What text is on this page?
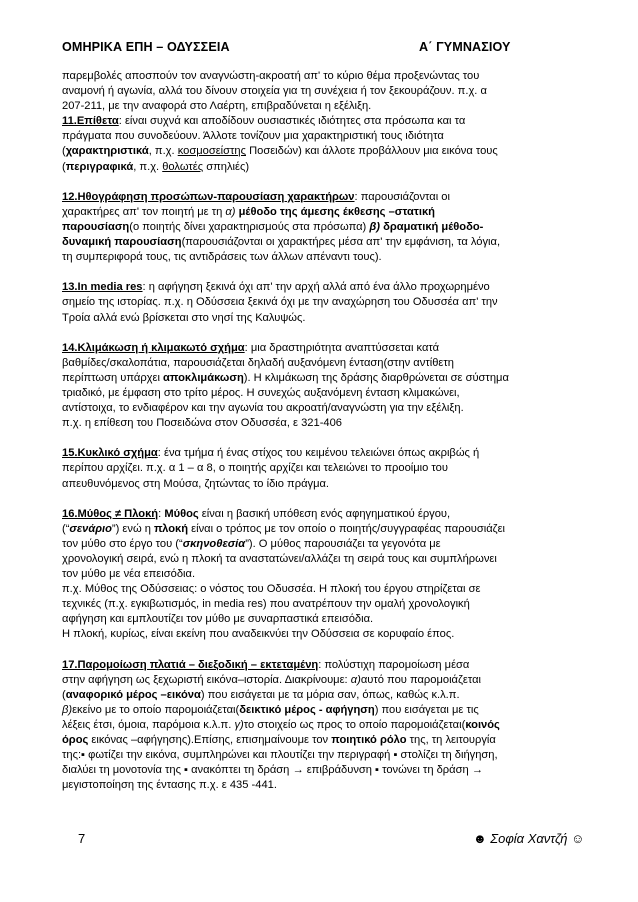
ΟΜΗΡΙΚΑ ΕΠΗ – ΟΔΥΣΣΕΙΑ	Α΄ ΓΥΜΝΑΣΙΟΥ

παρεμβολές αποσπούν τον αναγνώστη-ακροατή απ' το κύριο θέμα προξενώντας του
αναμονή ή αγωνία, αλλά του δίνουν στοιχεία για τη συνέχεια ή τον ξεκουράζουν. π.χ. α
207-211, με την αναφορά στο Λαέρτη, επιβραδύνεται η εξέλιξη.
11.Επίθετα: είναι συχνά και αποδίδουν ουσιαστικές ιδιότητες στα πρόσωπα και τα
πράγματα που συνοδεύουν. Άλλοτε τονίζουν μια χαρακτηριστική τους ιδιότητα
(χαρακτηριστικά, π.χ. κοσμοσείστης Ποσειδών) και άλλοτε προβάλλουν μια εικόνα τους
(περιγραφικά, π.χ. θολωτές σπηλιές)

12.Ηθογράφηση προσώπων-παρουσίαση χαρακτήρων: παρουσιάζονται οι
χαρακτήρες απ' τον ποιητή με τη α) μέθοδο της άμεσης έκθεσης –στατική
παρουσίαση(ο ποιητής δίνει χαρακτηρισμούς στα πρόσωπα) β) δραματική μέθοδο-
δυναμική παρουσίαση(παρουσιάζονται οι χαρακτήρες μέσα απ' την εμφάνιση, τα λόγια,
τη συμπεριφορά τους, τις αντιδράσεις των άλλων απέναντι τους).

13.In media res: η αφήγηση ξεκινά όχι απ' την αρχή αλλά από ένα άλλο προχωρημένο
σημείο της ιστορίας. π.χ. η Οδύσσεια ξεκινά όχι με την αναχώρηση του Οδυσσέα απ' την
Τροία αλλά ενώ βρίσκεται στο νησί της Καλυψώς.

14.Κλιμάκωση ή κλιμακωτό σχήμα: μια δραστηριότητα αναπτύσσεται κατά
βαθμίδες/σκαλοπάτια, παρουσιάζεται δηλαδή αυξανόμενη ένταση(στην αντίθετη
περίπτωση υπάρχει αποκλιμάκωση). Η κλιμάκωση της δράσης διαρθρώνεται σε σύστημα
τριαδικό, με έμφαση στο τρίτο μέρος. Η συνεχώς αυξανόμενη ένταση κλιμακώνει,
αντίστοιχα, το ενδιαφέρον και την αγωνία του ακροατή/αναγνώστη για την εξέλιξη.
π.χ. η επίθεση του Ποσειδώνα στον Οδυσσέα, ε 321-406

15.Κυκλικό σχήμα: ένα τμήμα ή ένας στίχος του κειμένου τελειώνει όπως ακριβώς ή
περίπου αρχίζει. π.χ. α 1 – α 8, ο ποιητής αρχίζει και τελειώνει το προοίμιο του
απευθυνόμενος στη Μούσα, ζητώντας το ίδιο πράγμα.

16.Μύθος ≠ Πλοκή: Μύθος είναι η βασική υπόθεση ενός αφηγηματικού έργου,
(“σενάριο”) ενώ η πλοκή είναι ο τρόπος με τον οποίο ο ποιητής/συγγραφέας παρουσιάζει
τον μύθο στο έργο του (“σκηνοθεσία”). Ο μύθος παρουσιάζει τα γεγονότα με
χρονολογική σειρά, ενώ η πλοκή τα αναστατώνει/αλλάζει τη σειρά τους και συμπλήρωνει
τον μύθο με νέα επεισόδια.
π.χ. Μύθος της Οδύσσειας: ο νόστος του Οδυσσέα. Η πλοκή του έργου στηρίζεται σε
τεχνικές (π.χ. εγκιβωτισμός, in media res) που ανατρέπουν την ομαλή χρονολογική
αφήγηση και εμπλουτίζει τον μύθο με συναρπαστικά επεισόδια.
Η πλοκή, κυρίως, είναι εκείνη που αναδεικνύει την Οδύσσεια σε κορυφαίο έπος.

17.Παρομοίωση πλατιά – διεξοδική – εκτεταμένη: πολύστιχη παρομοίωση μέσα
στην αφήγηση ως ξεχωριστή εικόνα–ιστορία. Διακρίνουμε: α)αυτό που παρομοιάζεται
(αναφορικό μέρος –εικόνα) που εισάγεται με τα μόρια σαν, όπως, καθώς κ.λ.π.
β)εκείνο με το οποίο παρομοιάζεται(δεικτικό μέρος - αφήγηση) που εισάγεται με τις
λέξεις έτσι, όμοια, παρόμοια κ.λ.π. γ)το στοιχείο ως προς το οποίο παρομοιάζεται(κοινός
όρος εικόνας –αφήγησης).Επίσης, επισημαίνουμε τον ποιητικό ρόλο της, τη λειτουργία
της:▪ φωτίζει την εικόνα, συμπληρώνει και πλουτίζει την περιγραφή ▪ στολίζει τη διήγηση,
διαλύει τη μονοτονία της ▪ ανακόπτει τη δράση → επιβράδυνση ▪ τονώνει τη δράση →
μεγιστοποίηση της έντασης π.χ. ε 435 -441.

7	☻ Σοφία Χαντζή ☺
